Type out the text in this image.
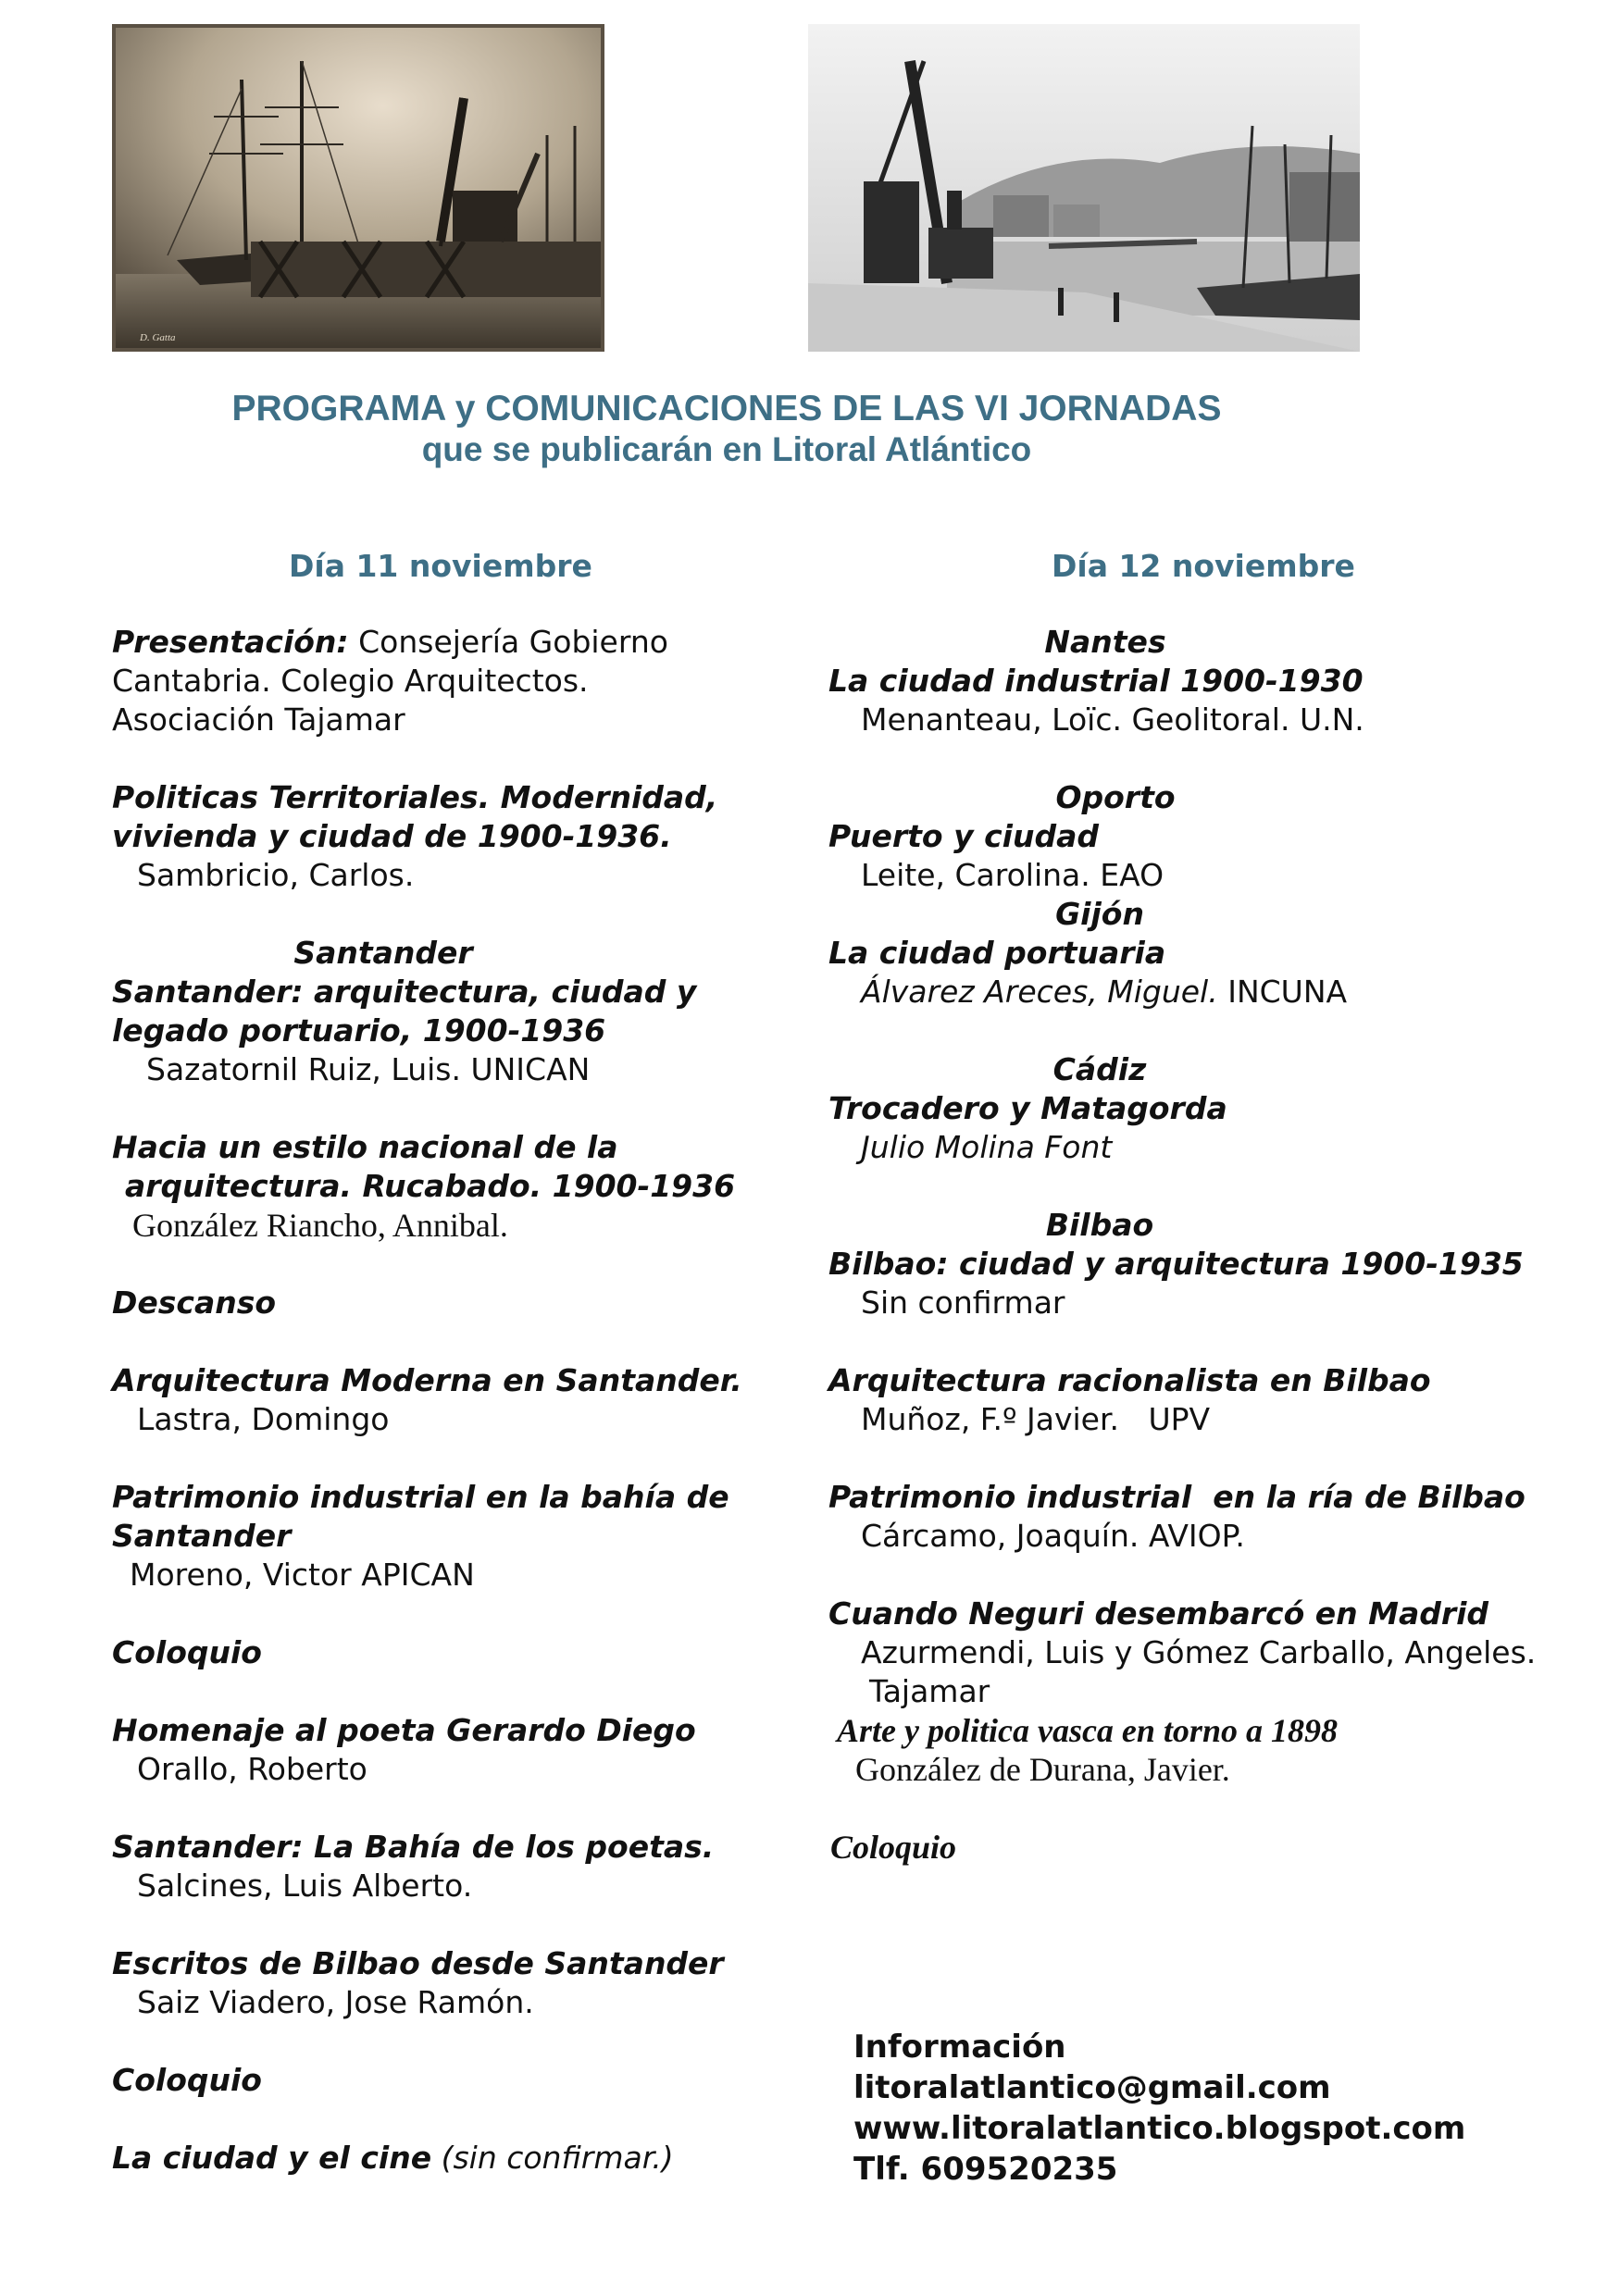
D. Gatta
PROGRAMA y COMUNICACIONES DE LAS VI JORNADAS
que se publicarán en Litoral Atlántico
Día 11 noviembre	Día 12 noviembre
Presentación: Consejería Gobierno
Cantabria. Colegio Arquitectos.
Asociación Tajamar
Politicas Territoriales. Modernidad,
vivienda y ciudad de 1900-1936.
Sambricio, Carlos.
Santander
Santander: arquitectura, ciudad y
legado portuario, 1900-1936
Sazatornil Ruiz, Luis. UNICAN
Hacia un estilo nacional de la
arquitectura. Rucabado. 1900-1936
González Riancho, Annibal.
Descanso
Arquitectura Moderna en Santander.
Lastra, Domingo
Patrimonio industrial en la bahía de
Santander
Moreno, Victor APICAN
Coloquio
Homenaje al poeta Gerardo Diego
Orallo, Roberto
Santander: La Bahía de los poetas.
Salcines, Luis Alberto.
Escritos de Bilbao desde Santander
Saiz Viadero, Jose Ramón.
Coloquio
La ciudad y el cine (sin confirmar.)
Nantes
La ciudad industrial 1900-1930
Menanteau, Loïc. Geolitoral. U.N.
Oporto
Puerto y ciudad
Leite, Carolina. EAO
Gijón
La ciudad portuaria
Álvarez Areces, Miguel. INCUNA
Cádiz
Trocadero y Matagorda
Julio Molina Font
Bilbao
Bilbao: ciudad y arquitectura 1900-1935
Sin confirmar
Arquitectura racionalista en Bilbao
Muñoz, F.º Javier.   UPV
Patrimonio industrial  en la ría de Bilbao
Cárcamo, Joaquín. AVIOP.
Cuando Neguri desembarcó en Madrid
Azurmendi, Luis y Gómez Carballo, Angeles.
Tajamar
Arte y politica vasca en torno a 1898
González de Durana, Javier.
Coloquio
Información
litoralatlantico@gmail.com
www.litoralatlantico.blogspot.com
Tlf. 609520235
